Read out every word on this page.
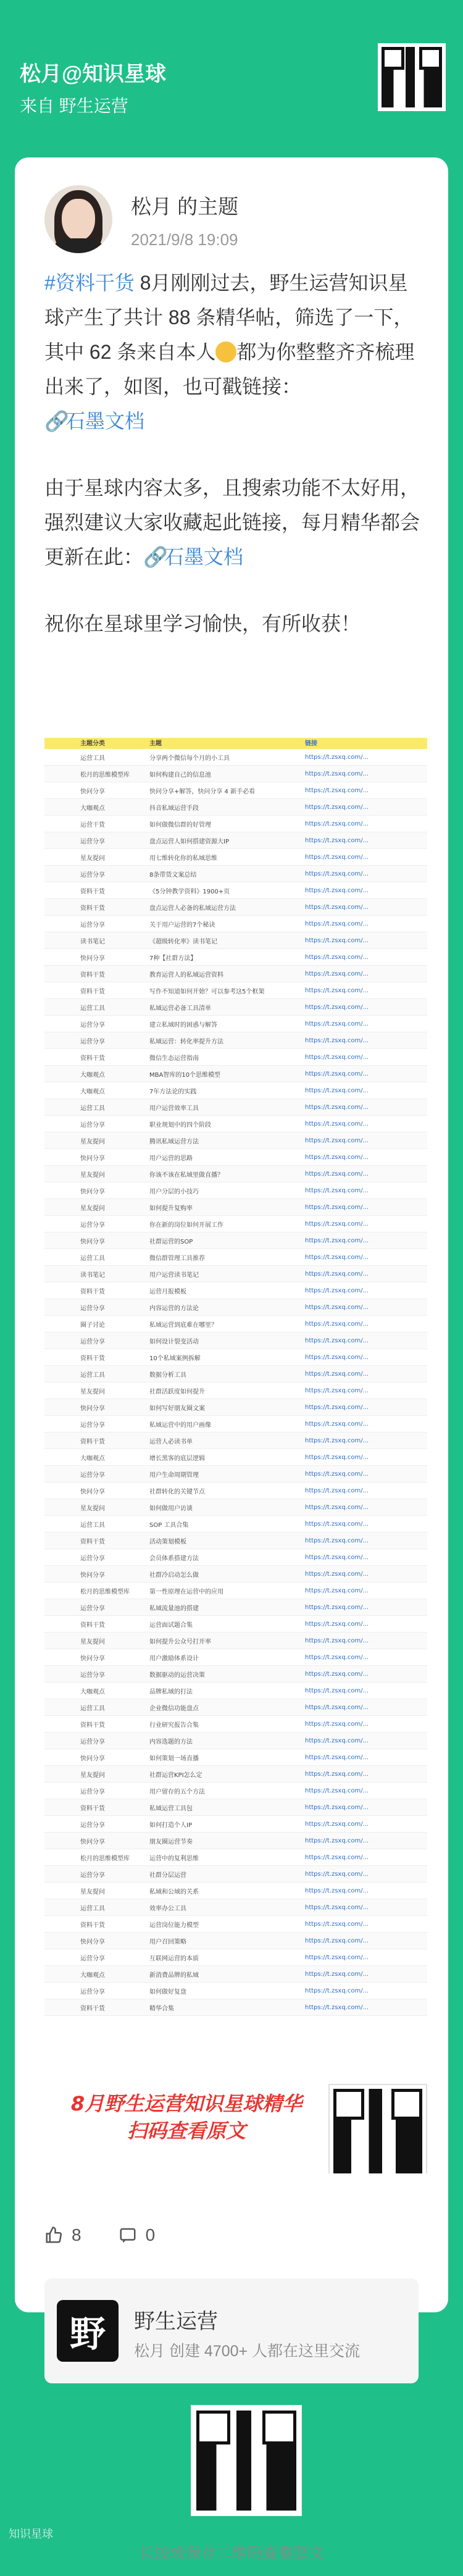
松月@知识星球
来自 野生运营
松月 的主题
2021/9/8 19:09

#资料干货 8月刚刚过去，野生运营知识星球产生了共计 88 条精华帖，筛选了一下，其中 62 条来自本人 都为你整整齐齐梳理出来了，如图，也可戳链接：
🔗石墨文档

由于星球内容太多，且搜索功能不太好用，强烈建议大家收藏起此链接，每月精华都会更新在此：🔗石墨文档

祝你在星球里学习愉快，有所收获！

主题分类	主题	链接
运营工具	分享两个微信每个月的小工具	https://t.zsxq.com/...
松月的思维模型库	如何构建自己的信息池	https://t.zsxq.com/...
快问分享	快问分享+解答，快问分享 4 新手必看	https://t.zsxq.com/...
大咖观点	抖音私域运营手段	https://t.zsxq.com/...
运营干货	如何做微信群的好管理	https://t.zsxq.com/...
运营分享	盘点运营人如何搭建资源大IP	https://t.zsxq.com/...
星友提问	用七维转化你的私域思维	https://t.zsxq.com/...
运营分享	8条带货文案总结	https://t.zsxq.com/...
资料干货	《5分钟教学资料》1900+页	https://t.zsxq.com/...
资料干货	盘点运营人必备的私域运营方法	https://t.zsxq.com/...
运营分享	关于用户运营的7个秘诀	https://t.zsxq.com/...
读书笔记	《超级转化率》读书笔记	https://t.zsxq.com/...
快问分享	7种【社群方法】	https://t.zsxq.com/...
资料干货	教育运营人的私域运营资料	https://t.zsxq.com/...
资料干货	写作不知道如何开始？可以参考这5个框架	https://t.zsxq.com/...
运营工具	私域运营必备工具清单	https://t.zsxq.com/...
运营分享	建立私域时的困惑与解答	https://t.zsxq.com/...
运营分享	私域运营：转化率提升方法	https://t.zsxq.com/...
资料干货	微信生态运营指南	https://t.zsxq.com/...
大咖观点	MBA智库的10个思维模型	https://t.zsxq.com/...
大咖观点	7年方法论的实践	https://t.zsxq.com/...
运营工具	用户运营效率工具	https://t.zsxq.com/...
运营分享	职业规划中的四个阶段	https://t.zsxq.com/...
星友提问	腾讯私域运营方法	https://t.zsxq.com/...
快问分享	用户运营的思路	https://t.zsxq.com/...
星友提问	你该不该在私域里做直播？	https://t.zsxq.com/...
快问分享	用户分层的小技巧	https://t.zsxq.com/...
星友提问	如何提升复购率	https://t.zsxq.com/...
运营分享	你在新的岗位如何开展工作	https://t.zsxq.com/...
快问分享	社群运营的SOP	https://t.zsxq.com/...
运营工具	微信群管理工具推荐	https://t.zsxq.com/...
读书笔记	用户运营读书笔记	https://t.zsxq.com/...
资料干货	运营月报模板	https://t.zsxq.com/...
运营分享	内容运营的方法论	https://t.zsxq.com/...
圈子讨论	私域运营到底难在哪里？	https://t.zsxq.com/...
运营分享	如何设计裂变活动	https://t.zsxq.com/...
资料干货	10个私域案例拆解	https://t.zsxq.com/...
运营工具	数据分析工具	https://t.zsxq.com/...
星友提问	社群活跃度如何提升	https://t.zsxq.com/...
快问分享	如何写好朋友圈文案	https://t.zsxq.com/...
运营分享	私域运营中的用户画像	https://t.zsxq.com/...
资料干货	运营人必读书单	https://t.zsxq.com/...
大咖观点	增长黑客的底层逻辑	https://t.zsxq.com/...
运营分享	用户生命周期管理	https://t.zsxq.com/...
快问分享	社群转化的关键节点	https://t.zsxq.com/...
星友提问	如何做用户访谈	https://t.zsxq.com/...
运营工具	SOP 工具合集	https://t.zsxq.com/...
资料干货	活动策划模板	https://t.zsxq.com/...
运营分享	会员体系搭建方法	https://t.zsxq.com/...
快问分享	社群冷启动怎么做	https://t.zsxq.com/...
松月的思维模型库	第一性原理在运营中的应用	https://t.zsxq.com/...
运营分享	私域流量池的搭建	https://t.zsxq.com/...
资料干货	运营面试题合集	https://t.zsxq.com/...
星友提问	如何提升公众号打开率	https://t.zsxq.com/...
快问分享	用户激励体系设计	https://t.zsxq.com/...
运营分享	数据驱动的运营决策	https://t.zsxq.com/...
大咖观点	品牌私域的打法	https://t.zsxq.com/...
运营工具	企业微信功能盘点	https://t.zsxq.com/...
资料干货	行业研究报告合集	https://t.zsxq.com/...
运营分享	内容选题的方法	https://t.zsxq.com/...
快问分享	如何策划一场直播	https://t.zsxq.com/...
星友提问	社群运营KPI怎么定	https://t.zsxq.com/...
运营分享	用户留存的五个方法	https://t.zsxq.com/...
资料干货	私域运营工具包	https://t.zsxq.com/...
运营分享	如何打造个人IP	https://t.zsxq.com/...
快问分享	朋友圈运营节奏	https://t.zsxq.com/...
松月的思维模型库	运营中的复利思维	https://t.zsxq.com/...
运营分享	社群分层运营	https://t.zsxq.com/...
星友提问	私域和公域的关系	https://t.zsxq.com/...
运营工具	效率办公工具	https://t.zsxq.com/...
资料干货	运营岗位能力模型	https://t.zsxq.com/...
快问分享	用户召回策略	https://t.zsxq.com/...
运营分享	互联网运营的本质	https://t.zsxq.com/...
大咖观点	新消费品牌的私域	https://t.zsxq.com/...
运营分享	如何做好复盘	https://t.zsxq.com/...
资料干货	精华合集	https://t.zsxq.com/...
8月野生运营知识星球精华
扫码查看原文
8	0
野	野生运营
松月 创建 4700+ 人都在这里交流
长按或保存二维码查看原文
知识星球
